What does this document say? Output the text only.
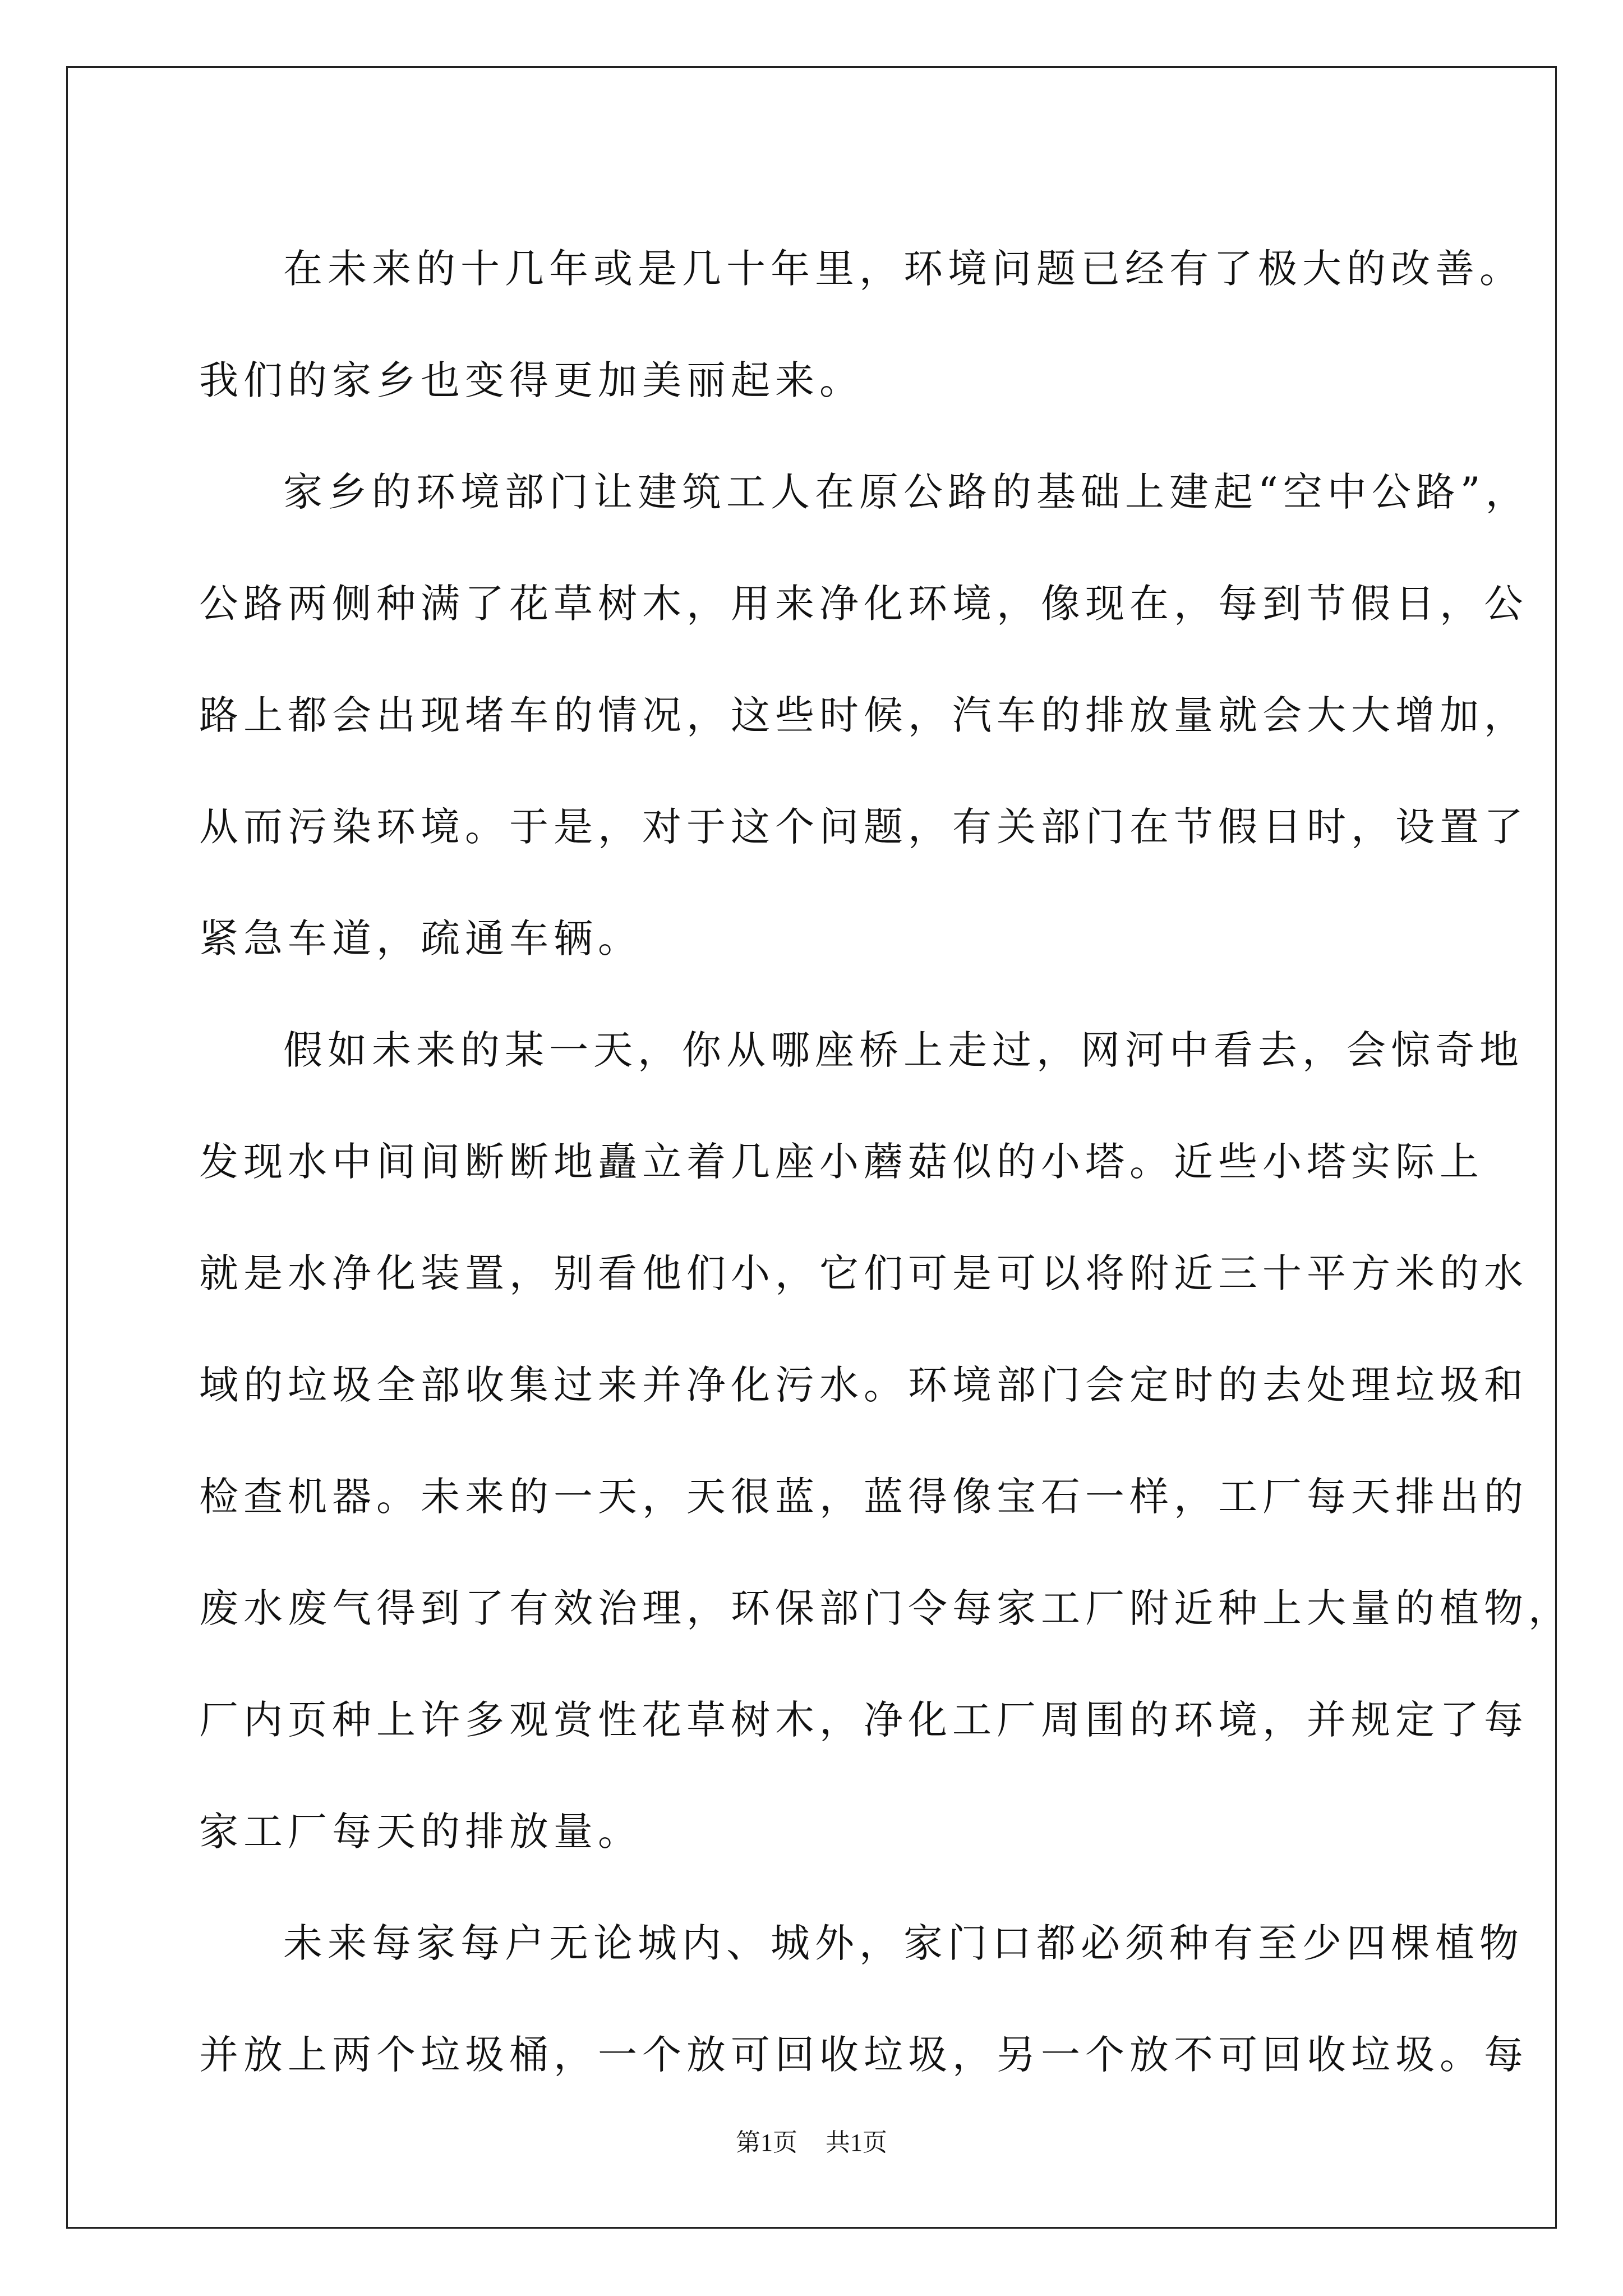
在未来的十几年或是几十年里，环境问题已经有了极大的改善。
我们的家乡也变得更加美丽起来。
家乡的环境部门让建筑工人在原公路的基础上建起“空中公路”，
公路两侧种满了花草树木，用来净化环境，像现在，每到节假日，公
路上都会出现堵车的情况，这些时候，汽车的排放量就会大大增加，
从而污染环境。于是，对于这个问题，有关部门在节假日时，设置了
紧急车道，疏通车辆。
假如未来的某一天，你从哪座桥上走过，网河中看去，会惊奇地
发现水中间间断断地矗立着几座小蘑菇似的小塔。近些小塔实际上
就是水净化装置，别看他们小，它们可是可以将附近三十平方米的水
域的垃圾全部收集过来并净化污水。环境部门会定时的去处理垃圾和
检查机器。未来的一天，天很蓝，蓝得像宝石一样，工厂每天排出的
废水废气得到了有效治理，环保部门令每家工厂附近种上大量的植物，
厂内页种上许多观赏性花草树木，净化工厂周围的环境，并规定了每
家工厂每天的排放量。
未来每家每户无论城内、城外，家门口都必须种有至少四棵植物
并放上两个垃圾桶，一个放可回收垃圾，另一个放不可回收垃圾。每
第1页 共1页
